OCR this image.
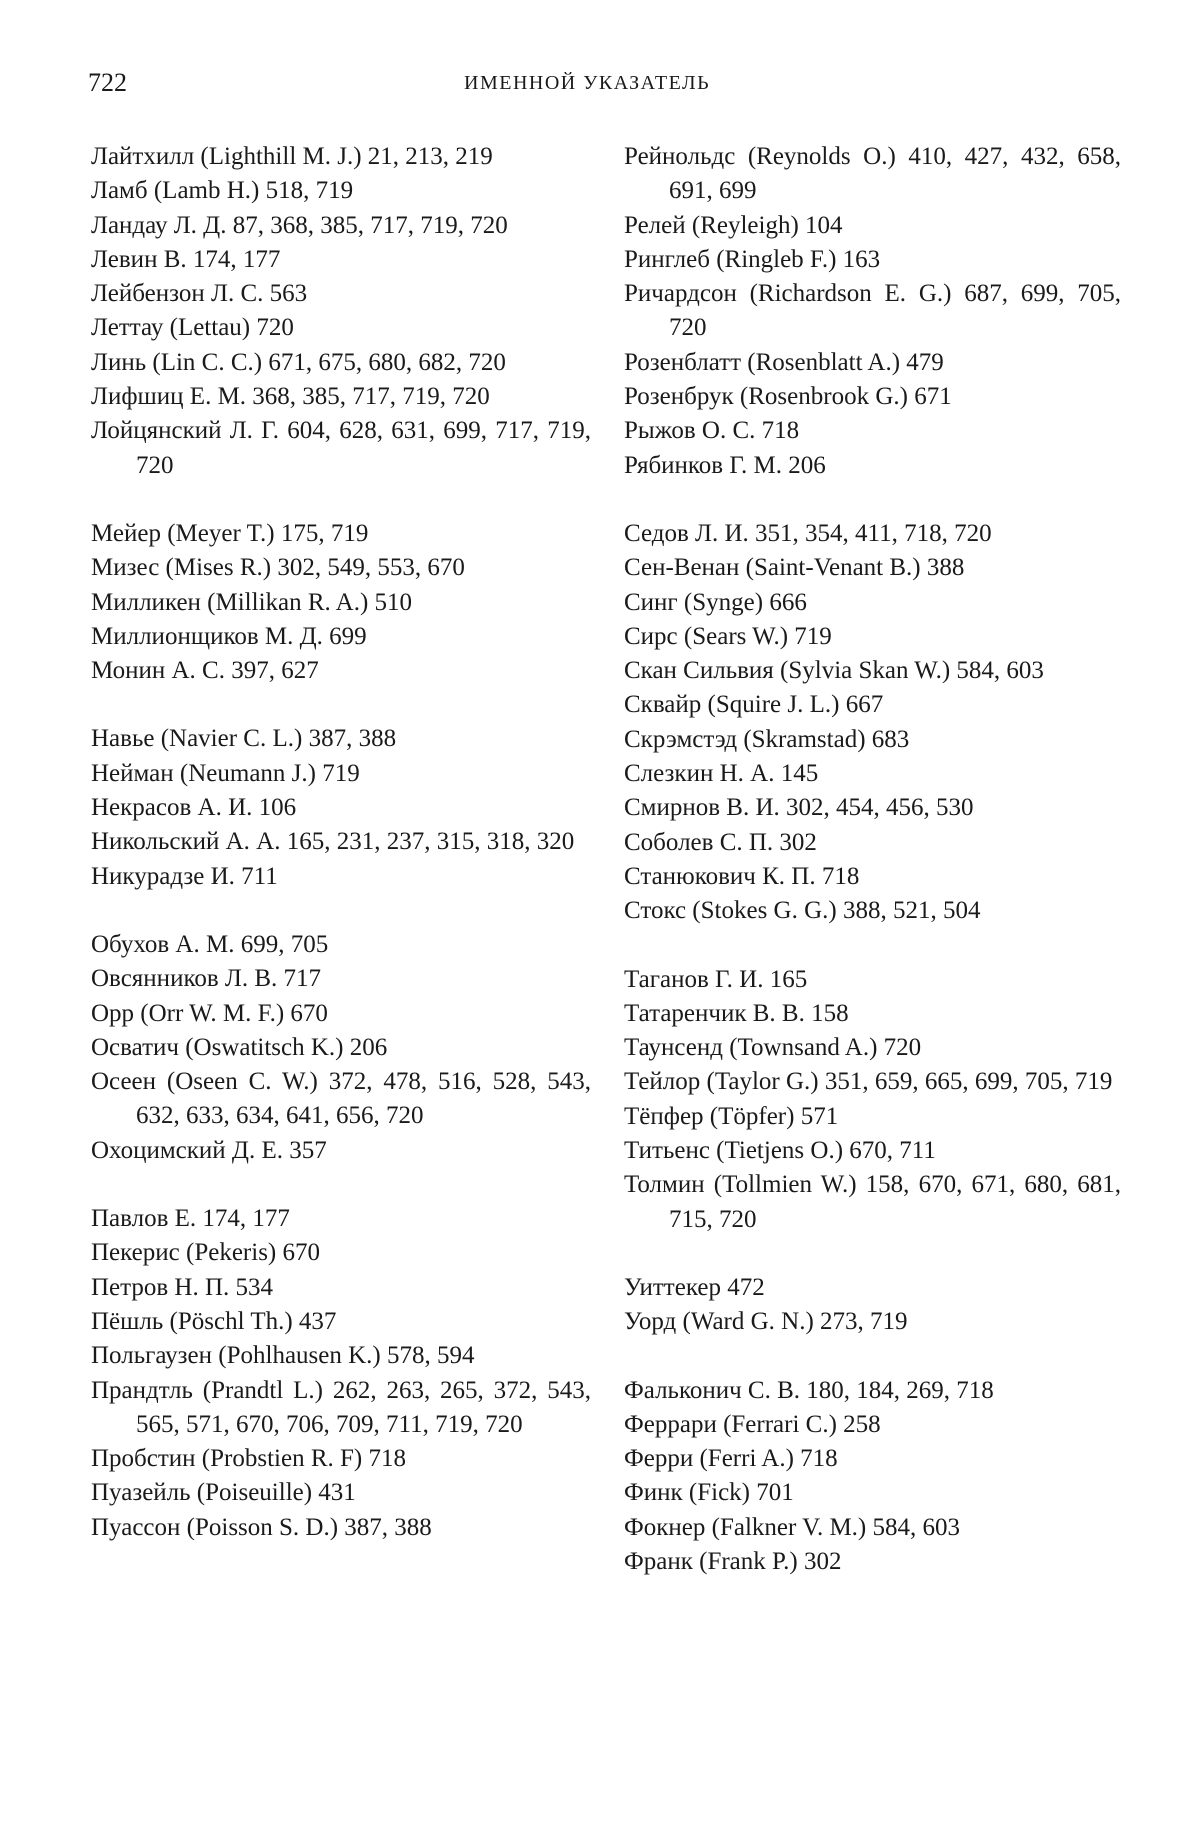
722	ИМЕННОЙ УКАЗАТЕЛЬ
Лайтхилл (Lighthill M. J.) 21, 213, 219
Ламб (Lamb H.) 518, 719
Ландау Л. Д. 87, 368, 385, 717, 719, 720
Левин В. 174, 177
Лейбензон Л. С. 563
Леттау (Lettau) 720
Линь (Lin C. C.) 671, 675, 680, 682, 720
Лифшиц Е. М. 368, 385, 717, 719, 720
Лойцянский Л. Г. 604, 628, 631, 699, 717, 719, 720
Мейер (Meyer T.) 175, 719
Мизес (Mises R.) 302, 549, 553, 670
Милликен (Millikan R. A.) 510
Миллионщиков М. Д. 699
Монин А. С. 397, 627
Навье (Navier C. L.) 387, 388
Нейман (Neumann J.) 719
Некрасов А. И. 106
Никольский А. А. 165, 231, 237, 315, 318, 320
Никурадзе И. 711
Обухов А. М. 699, 705
Овсянников Л. В. 717
Орр (Orr W. M. F.) 670
Осватич (Oswatitsch K.) 206
Осеен (Oseen C. W.) 372, 478, 516, 528, 543, 632, 633, 634, 641, 656, 720
Охоцимский Д. Е. 357
Павлов Е. 174, 177
Пекерис (Pekeris) 670
Петров Н. П. 534
Пёшль (Pöschl Th.) 437
Польгаузен (Pohlhausen K.) 578, 594
Прандтль (Prandtl L.) 262, 263, 265, 372, 543, 565, 571, 670, 706, 709, 711, 719, 720
Пробстин (Probstien R. F) 718
Пуазейль (Poiseuille) 431
Пуассон (Poisson S. D.) 387, 388
Рейнольдс (Reynolds O.) 410, 427, 432, 658, 691, 699
Релей (Reyleigh) 104
Ринглеб (Ringleb F.) 163
Ричардсон (Richardson E. G.) 687, 699, 705, 720
Розенблатт (Rosenblatt A.) 479
Розенбрук (Rosenbrook G.) 671
Рыжов О. С. 718
Рябинков Г. М. 206
Седов Л. И. 351, 354, 411, 718, 720
Сен-Венан (Saint-Venant B.) 388
Синг (Synge) 666
Сирс (Sears W.) 719
Скан Сильвия (Sylvia Skan W.) 584, 603
Сквайр (Squire J. L.) 667
Скрэмстэд (Skramstad) 683
Слезкин Н. А. 145
Смирнов В. И. 302, 454, 456, 530
Соболев С. П. 302
Станюкович К. П. 718
Стокс (Stokes G. G.) 388, 521, 504
Таганов Г. И. 165
Татаренчик В. В. 158
Таунсенд (Townsand A.) 720
Тейлор (Taylor G.) 351, 659, 665, 699, 705, 719
Тёпфер (Töpfer) 571
Титьенс (Tietjens O.) 670, 711
Толмин (Tollmien W.) 158, 670, 671, 680, 681, 715, 720
Уиттекер 472
Уорд (Ward G. N.) 273, 719
Фальконич С. В. 180, 184, 269, 718
Феррари (Ferrari C.) 258
Ферри (Ferri A.) 718
Финк (Fick) 701
Фокнер (Falkner V. M.) 584, 603
Франк (Frank P.) 302
